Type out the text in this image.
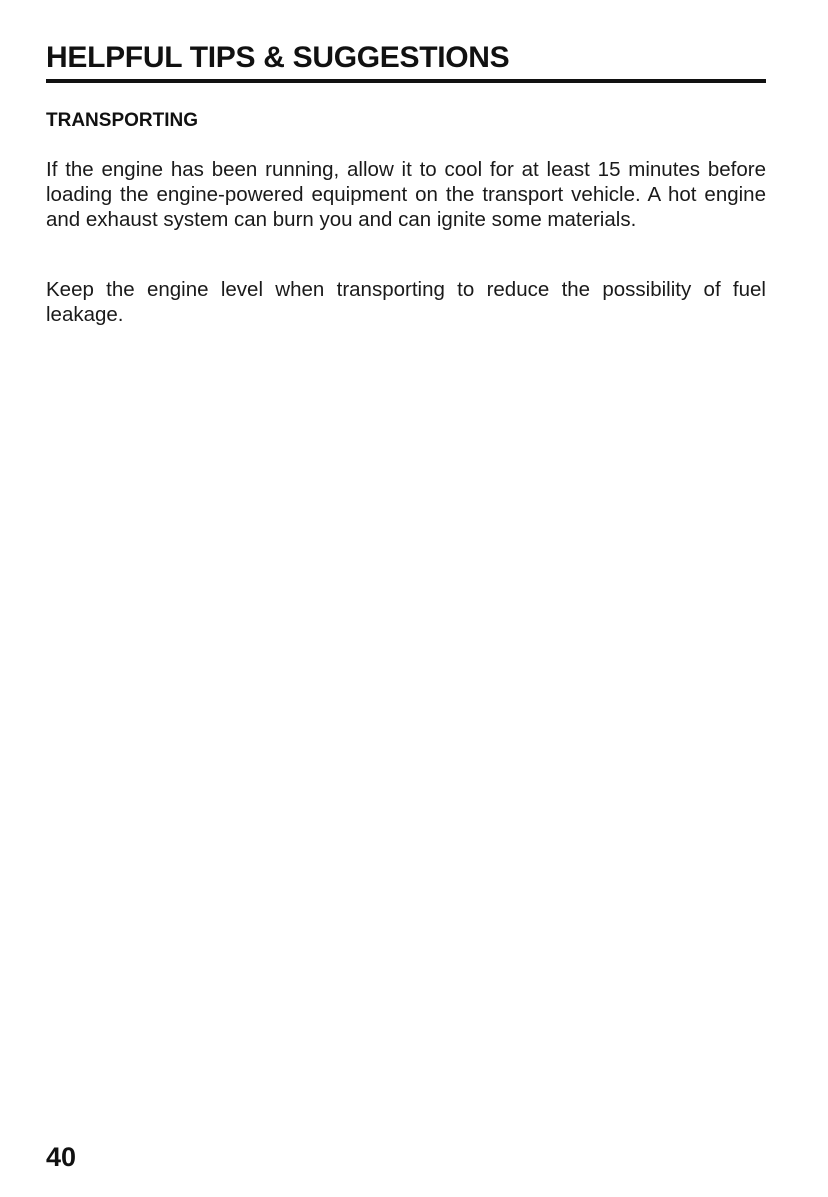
HELPFUL TIPS & SUGGESTIONS
TRANSPORTING

If the engine has been running, allow it to cool for at least 15 minutes before loading the engine-powered equipment on the transport vehicle. A hot engine and exhaust system can burn you and can ignite some materials.

Keep the engine level when transporting to reduce the possibility of fuel leakage.

40
